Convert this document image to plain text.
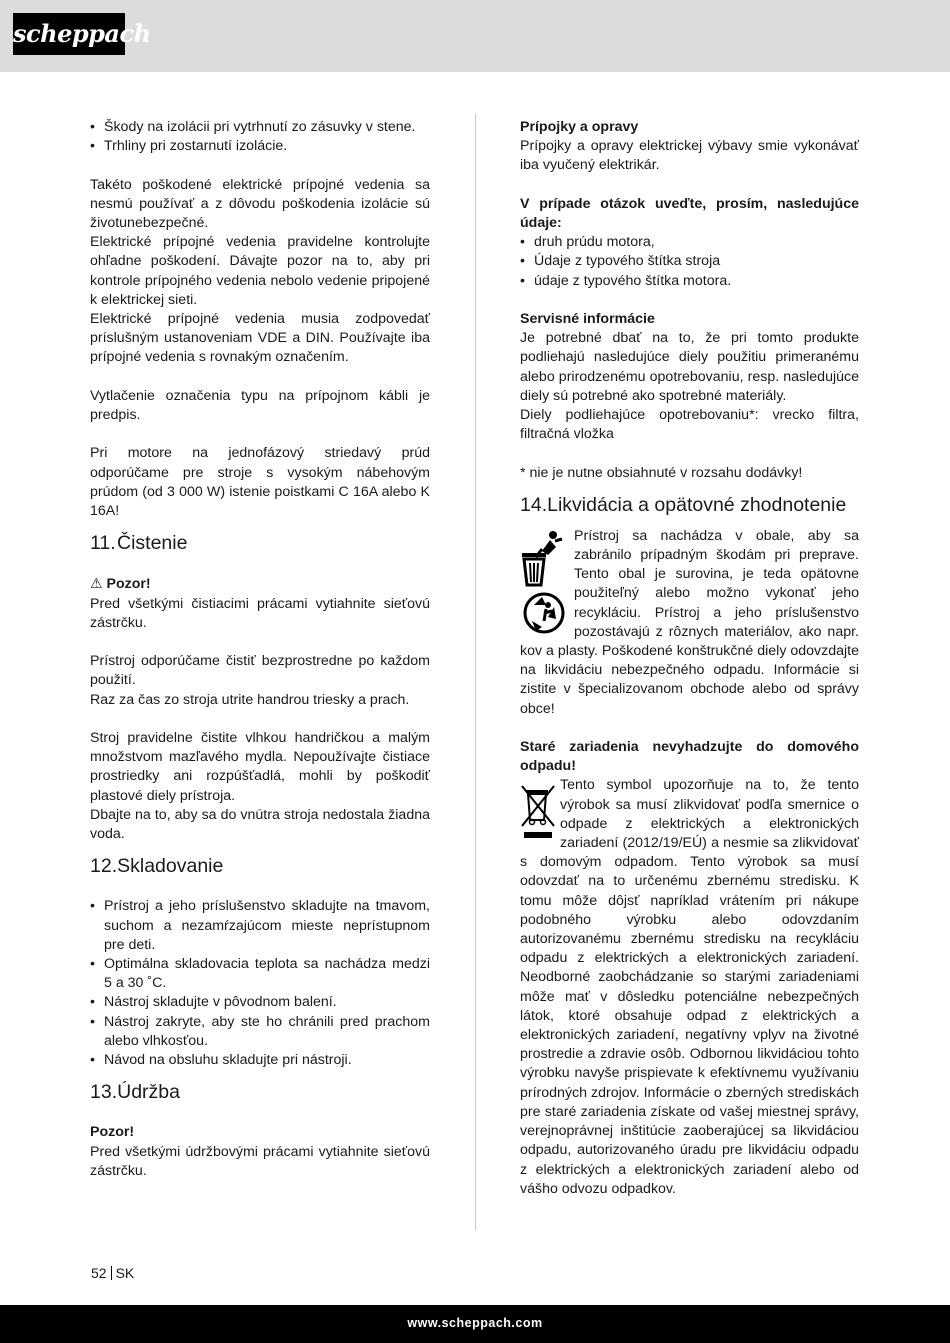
scheppach
• Škody na izolácii pri vytrhnutí zo zásuvky v stene.
• Trhliny pri zostarnutí izolácie.

Takéto poškodené elektrické prípojné vedenia sa nesmú používať a z dôvodu poškodenia izolácie sú životunebezpečné.

Elektrické prípojné vedenia pravidelne kontrolujte ohľadne poškodení. Dávajte pozor na to, aby pri kontrole prípojného vedenia nebolo vedenie pripojené k elektrickej sieti.

Elektrické prípojné vedenia musia zodpovedať príslušným ustanoveniam VDE a DIN. Používajte iba prípojné vedenia s rovnakým označením.

Vytlačenie označenia typu na prípojnom kábli je predpis.

Pri motore na jednofázový striedavý prúd odporúčame pre stroje s vysokým nábehovým prúdom (od 3 000 W) istenie poistkami C 16A alebo K 16A!

11.Čistenie

⚠ Pozor!

Pred všetkými čistiacimi prácami vytiahnite sieťovú zástrčku.

Prístroj odporúčame čistiť bezprostredne po každom použití.

Raz za čas zo stroja utrite handrou triesky a prach.

Stroj pravidelne čistite vlhkou handričkou a malým množstvom mazľavého mydla. Nepoužívajte čistiace prostriedky ani rozpúšťadlá, mohli by poškodiť plastové diely prístroja.

Dbajte na to, aby sa do vnútra stroja nedostala žiadna voda.

12.Skladovanie
• Prístroj a jeho príslušenstvo skladujte na tmavom, suchom a nezamŕzajúcom mieste neprístupnom pre deti.
• Optimálna skladovacia teplota sa nachádza medzi 5 a 30 ˚C.
• Nástroj skladujte v pôvodnom balení.
• Nástroj zakryte, aby ste ho chránili pred prachom alebo vlhkosťou.
• Návod na obsluhu skladujte pri nástroji.
13.Údržba

Pozor!

Pred všetkými údržbovými prácami vytiahnite sieťovú zástrčku.

Prípojky a opravy

Prípojky a opravy elektrickej výbavy smie vykonávať iba vyučený elektrikár.

V prípade otázok uveďte, prosím, nasledujúce údaje:

• druh prúdu motora,
• Údaje z typového štítka stroja
• údaje z typového štítka motora.

Servisné informácie

Je potrebné dbať na to, že pri tomto produkte podliehajú nasledujúce diely použitiu primeranému alebo prirodzenému opotrebovaniu, resp. nasledujúce diely sú potrebné ako spotrebné materiály.

Diely podliehajúce opotrebovaniu*: vrecko filtra, filtračná vložka

* nie je nutne obsiahnuté v rozsahu dodávky!

14.Likvidácia a opätovné zhodnotenie

Prístroj sa nachádza v obale, aby sa zabránilo prípadným škodám pri preprave. Tento obal je surovina, je teda opätovne použiteľný alebo možno vykonať jeho recykláciu. Prístroj a jeho príslušenstvo pozostávajú z rôznych materiálov, ako napr. kov a plasty. Poškodené konštrukčné diely odovzdajte na likvidáciu nebezpečného odpadu. Informácie si zistite v špecializovanom obchode alebo od správy obce!

Staré zariadenia nevyhadzujte do domového odpadu!

Tento symbol upozorňuje na to, že tento výrobok sa musí zlikvidovať podľa smernice o odpade z elektrických a elektronických zariadení (2012/19/EÚ) a nesmie sa zlikvidovať s domovým odpadom. Tento výrobok sa musí odovzdať na to určenému zbernému stredisku. K tomu môže dôjsť napríklad vrátením pri nákupe podobného výrobku alebo odovzdaním autorizovanému zbernému stredisku na recykláciu odpadu z elektrických a elektronických zariadení. Neodborné zaobchádzanie so starými zariadeniami môže mať v dôsledku potenciálne nebezpečných látok, ktoré obsahuje odpad z elektrických a elektronických zariadení, negatívny vplyv na životné prostredie a zdravie osôb. Odbornou likvidáciou tohto výrobku navyše prispievate k efektívnemu využívaniu prírodných zdrojov. Informácie o zberných strediskách pre staré zariadenia získate od vašej miestnej správy, verejnoprávnej inštitúcie zaoberajúcej sa likvidáciou odpadu, autorizovaného úradu pre likvidáciu odpadu z elektrických a elektronických zariadení alebo od vášho odvozu odpadkov.

52 SK
www.scheppach.com
